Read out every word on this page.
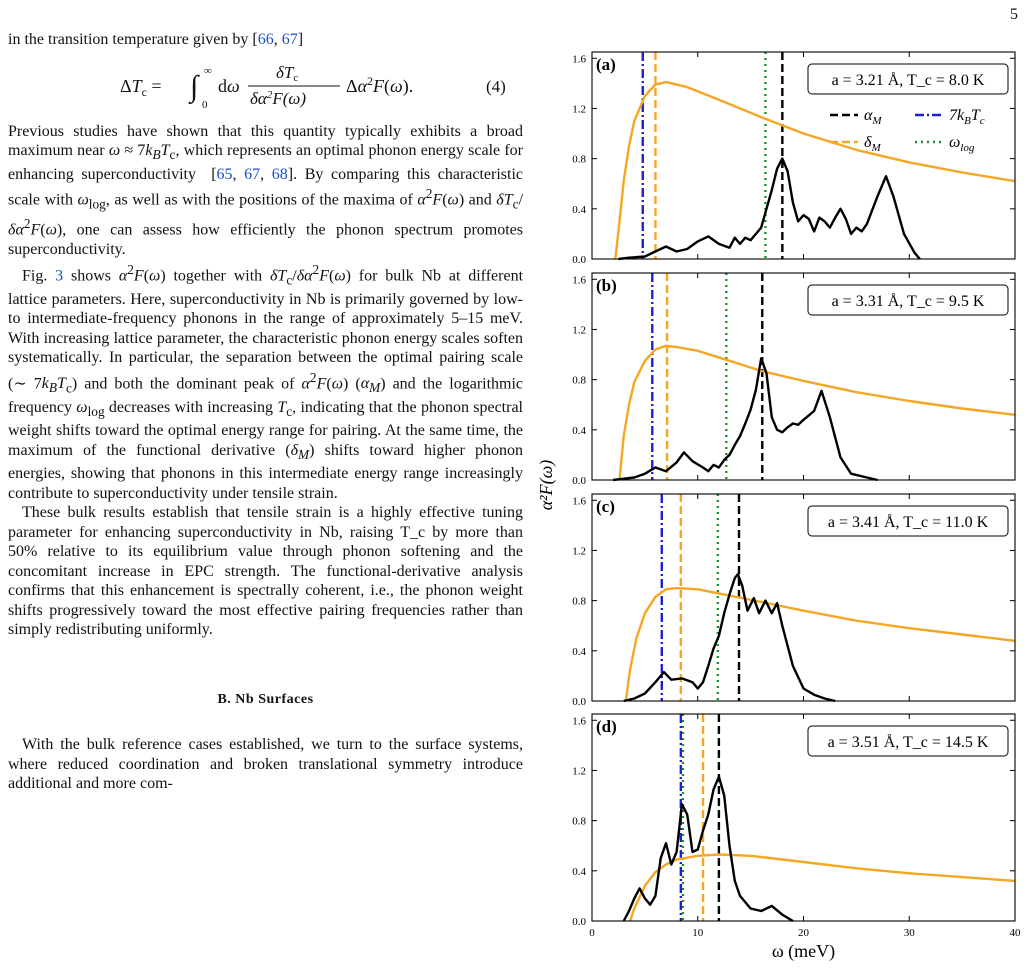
5

in the transition temperature given by [66, 67]

$\Delta T_c$ = ∫ ∞
0
dω
δTc
$\delta\alpha^2F(\omega)$
$\Delta\alpha^2F(\omega)$.	(4)

Previous studies have shown that this quantity typically exhibits a broad maximum near $\omega \approx 7k_BT_c$, which represents an optimal phonon energy scale for enhancing superconductivity  [65, 67, 68]. By comparing this characteristic scale with $\omega_{log}$, as well as with the positions of the maxima of $\alpha^2F(\omega)$ and $\delta T_c/\delta\alpha^2F(\omega)$, one can assess how efficiently the phonon spectrum promotes superconductivity.

Fig. 3 shows $\alpha^2F(\omega)$ together with $\delta T_c/\delta\alpha^2F(\omega)$ for bulk Nb at different lattice parameters. Here, superconductivity in Nb is primarily governed by low- to intermediate-frequency phonons in the range of approximately 5–15 meV. With increasing lattice parameter, the characteristic phonon energy scales soften systematically. In particular, the separation between the optimal pairing scale (∼ $7k_BT_c$) and both the dominant peak of $\alpha^2F(\omega)$ $(\alpha_M)$ and the logarithmic frequency $\omega_{log}$ decreases with increasing $T_c$, indicating that the phonon spectral weight shifts toward the optimal energy range for pairing. At the same time, the maximum of the functional derivative $(\delta_M)$ shifts toward higher phonon energies, showing that phonons in this intermediate energy range increasingly contribute to superconductivity under tensile strain.

These bulk results establish that tensile strain is a highly effective tuning parameter for enhancing superconductivity in Nb, raising T_c by more than 50% relative to its equilibrium value through phonon softening and the concomitant increase in EPC strength. The functional-derivative analysis confirms that this enhancement is spectrally coherent, i.e., the phonon weight shifts progressively toward the most effective pairing frequencies rather than simply redistributing uniformly.

B. Nb Surfaces

With the bulk reference cases established, we turn to the surface systems, where reduced coordination and broken translational symmetry introduce additional and more com-

0.0
0.4
0.8
1.2
1.6 (a)
a = 3.21 Å, T_c = 8.0 K
$\alpha_M$	$7k_BT_c$
$\delta_M$	$\omega_{log}$
0.0
0.4
0.8
1.2
1.6 (b)
a = 3.31 Å, T_c = 9.5 K
0.0
0.4
0.8
1.2
1.6 (c)
a = 3.41 Å, T_c = 11.0 K
0.0
0.4
0.8
1.2
1.6 (d)
a = 3.51 Å, T_c = 14.5 K
0	10	20	30	40
ω (meV)
α²F(ω)
